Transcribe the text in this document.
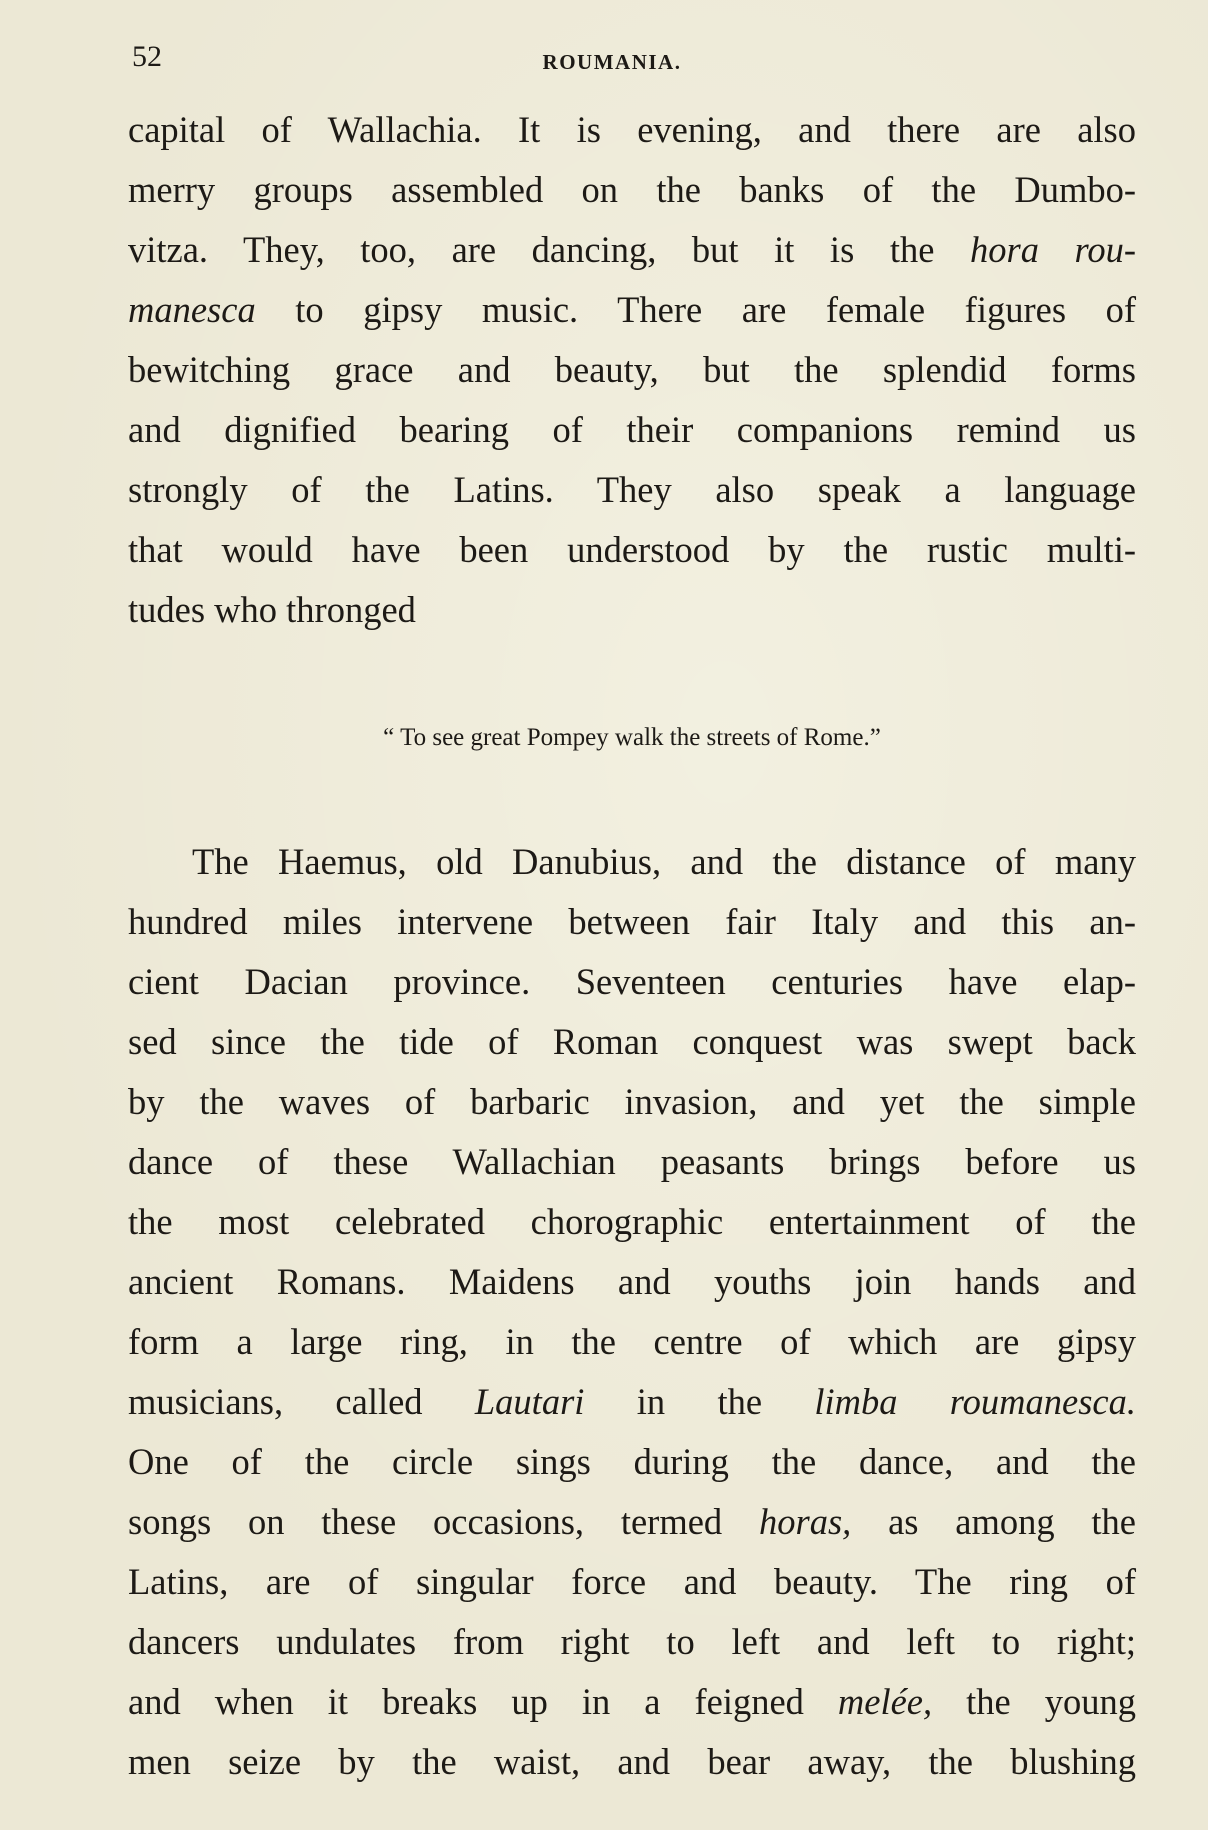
52	ROUMANIA.
capital of Wallachia. It is evening, and there are also
merry groups assembled on the banks of the Dumbo-
vitza. They, too, are dancing, but it is the hora rou-
manesca to gipsy music. There are female figures of
bewitching grace and beauty, but the splendid forms
and dignified bearing of their companions remind us
strongly of the Latins. They also speak a language
that would have been understood by the rustic multi-
tudes who thronged
“ To see great Pompey walk the streets of Rome.”
The Haemus, old Danubius, and the distance of many
hundred miles intervene between fair Italy and this an-
cient Dacian province. Seventeen centuries have elap-
sed since the tide of Roman conquest was swept back
by the waves of barbaric invasion, and yet the simple
dance of these Wallachian peasants brings before us
the most celebrated chorographic entertainment of the
ancient Romans. Maidens and youths join hands and
form a large ring, in the centre of which are gipsy
musicians, called Lautari in the limba roumanesca.
One of the circle sings during the dance, and the
songs on these occasions, termed horas, as among the
Latins, are of singular force and beauty. The ring of
dancers undulates from right to left and left to right;
and when it breaks up in a feigned melée, the young
men seize by the waist, and bear away, the blushing
